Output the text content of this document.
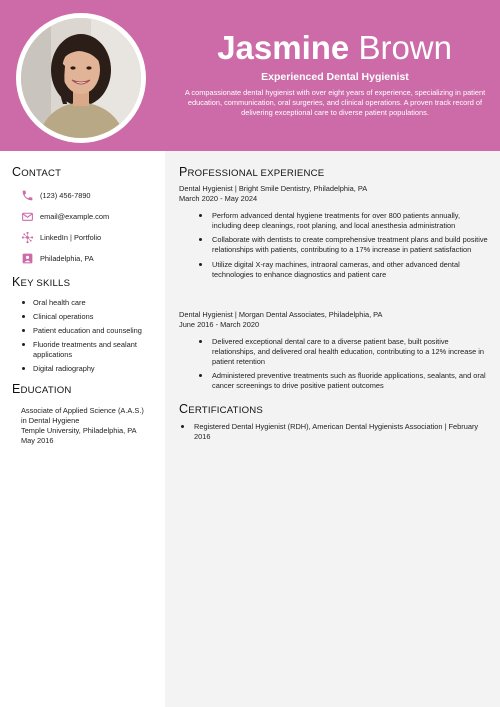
Jasmine Brown
Experienced Dental Hygienist
A compassionate dental hygienist with over eight years of experience, specializing in patient education, communication, oral surgeries, and clinical operations. A proven track record of delivering exceptional care to diverse patient populations.
CONTACT
(123) 456-7890
email@example.com
LinkedIn | Portfolio
Philadelphia, PA
KEY SKILLS
Oral health care
Clinical operations
Patient education and counseling
Fluoride treatments and sealant applications
Digital radiography
EDUCATION
Associate of Applied Science (A.A.S.)
in Dental Hygiene
Temple University, Philadelphia, PA
May 2016
PROFESSIONAL EXPERIENCE
Dental Hygienist | Bright Smile Dentistry, Philadelphia, PA
March 2020 - May 2024
Perform advanced dental hygiene treatments for over 800 patients annually, including deep cleanings, root planing, and local anesthesia administration
Collaborate with dentists to create comprehensive treatment plans and build positive relationships with patients, contributing to a 17% increase in patient satisfaction
Utilize digital X-ray machines, intraoral cameras, and other advanced dental technologies to enhance diagnostics and patient care
Dental Hygienist | Morgan Dental Associates, Philadelphia, PA
June 2016 - March 2020
Delivered exceptional dental care to a diverse patient base, built positive relationships, and delivered oral health education, contributing to a 12% increase in patient retention
Administered preventive treatments such as fluoride applications, sealants, and oral cancer screenings to drive positive patient outcomes
CERTIFICATIONS
Registered Dental Hygienist (RDH), American Dental Hygienists Association | February 2016
